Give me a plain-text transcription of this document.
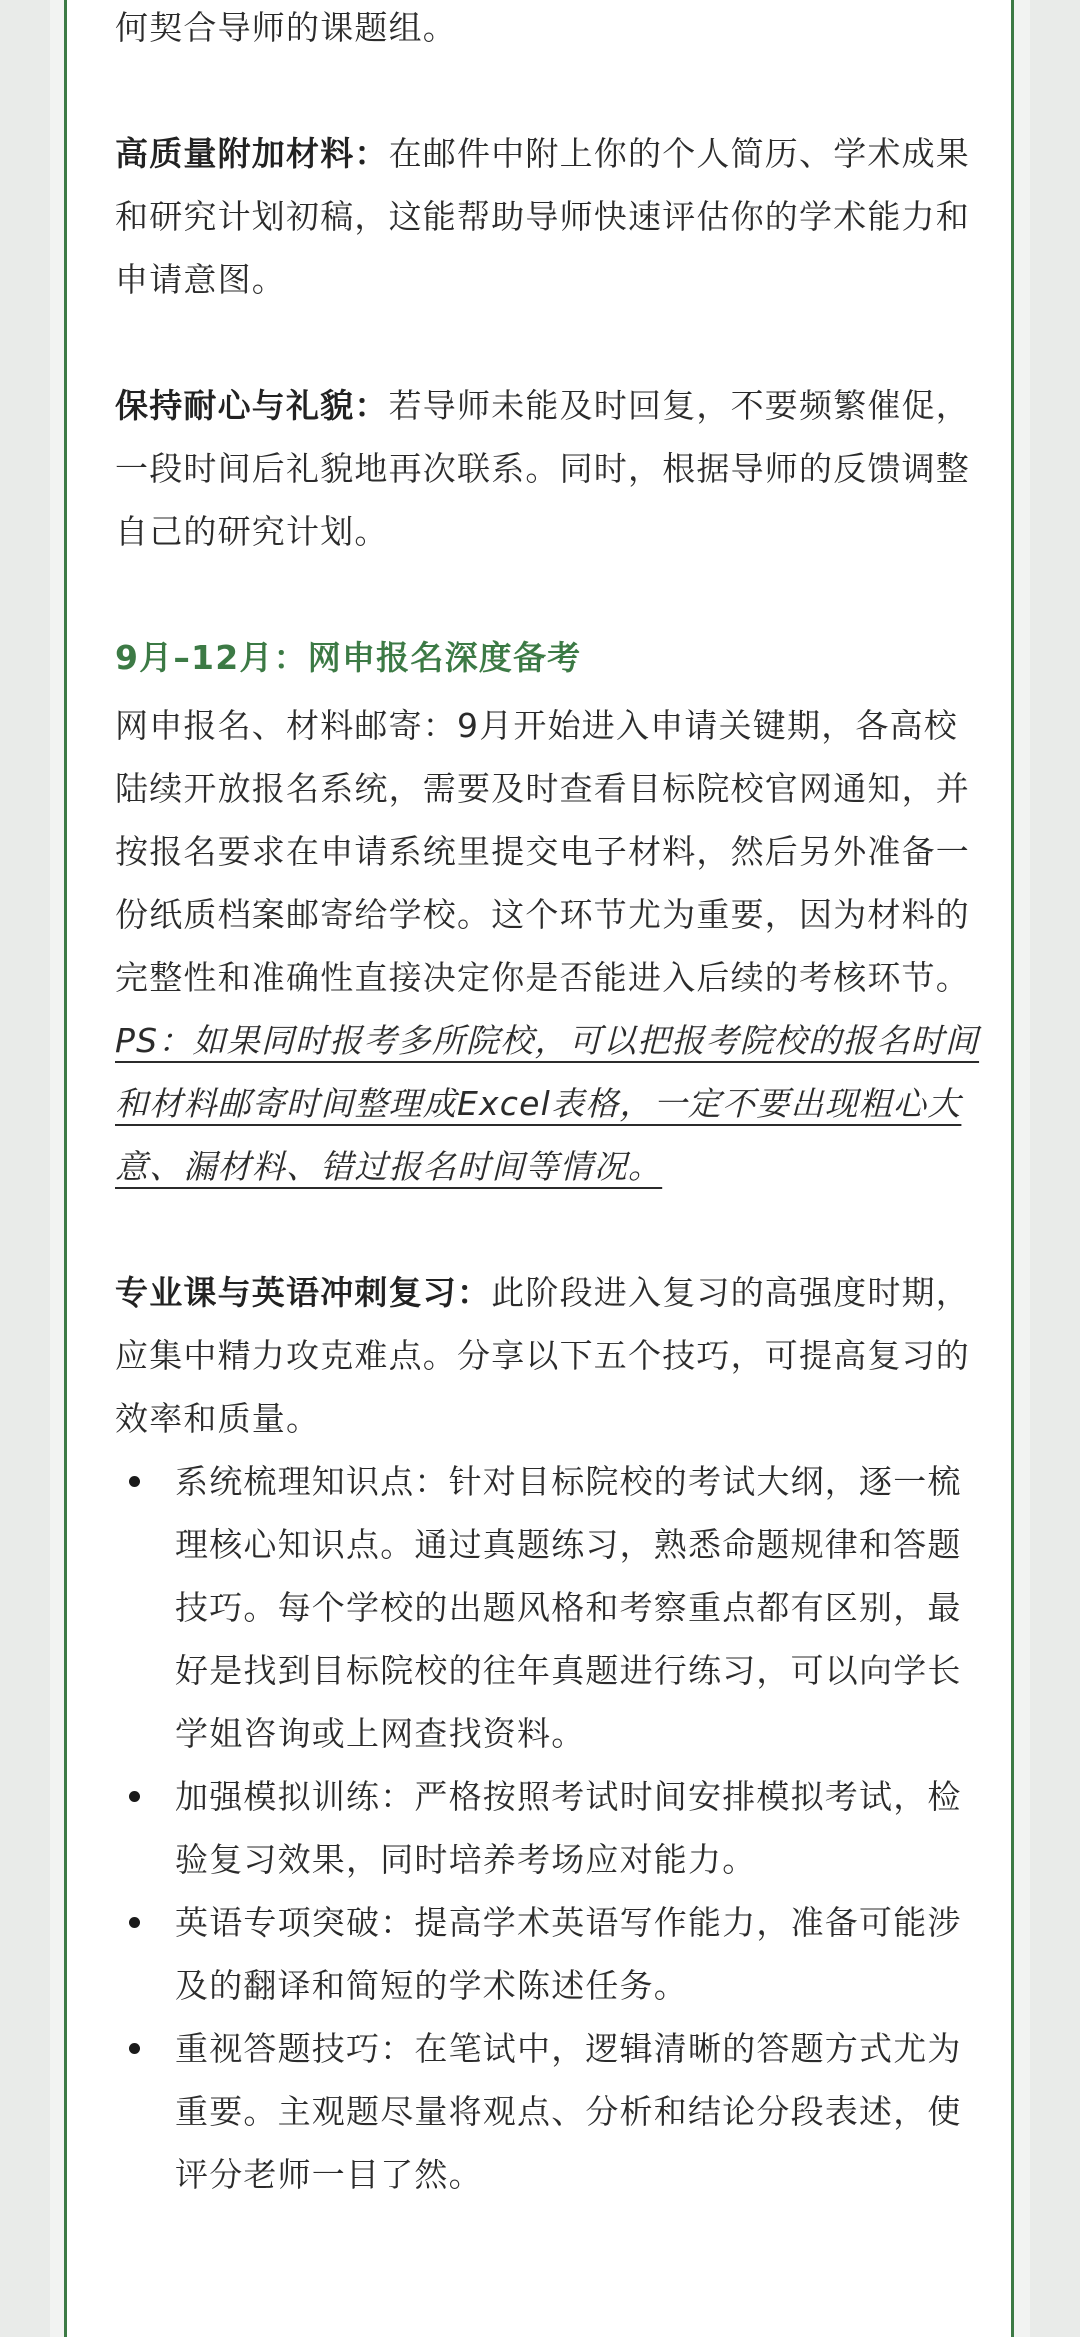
何契合导师的课题组。

高质量附加材料：在邮件中附上你的个人简历、学术成果和研究计划初稿，这能帮助导师快速评估你的学术能力和申请意图。

保持耐心与礼貌：若导师未能及时回复，不要频繁催促，一段时间后礼貌地再次联系。同时，根据导师的反馈调整自己的研究计划。

9月–12月：网申报名深度备考

网申报名、材料邮寄：9月开始进入申请关键期，各高校陆续开放报名系统，需要及时查看目标院校官网通知，并按报名要求在申请系统里提交电子材料，然后另外准备一份纸质档案邮寄给学校。这个环节尤为重要，因为材料的完整性和准确性直接决定你是否能进入后续的考核环节。

PS：如果同时报考多所院校，可以把报考院校的报名时间和材料邮寄时间整理成Excel表格，一定不要出现粗心大意、漏材料、错过报名时间等情况。

专业课与英语冲刺复习：此阶段进入复习的高强度时期，应集中精力攻克难点。分享以下五个技巧，可提高复习的效率和质量。

系统梳理知识点：针对目标院校的考试大纲，逐一梳理核心知识点。通过真题练习，熟悉命题规律和答题技巧。每个学校的出题风格和考察重点都有区别，最好是找到目标院校的往年真题进行练习，可以向学长学姐咨询或上网查找资料。
加强模拟训练：严格按照考试时间安排模拟考试，检验复习效果，同时培养考场应对能力。
英语专项突破：提高学术英语写作能力，准备可能涉及的翻译和简短的学术陈述任务。
重视答题技巧：在笔试中，逻辑清晰的答题方式尤为重要。主观题尽量将观点、分析和结论分段表述，使评分老师一目了然。
